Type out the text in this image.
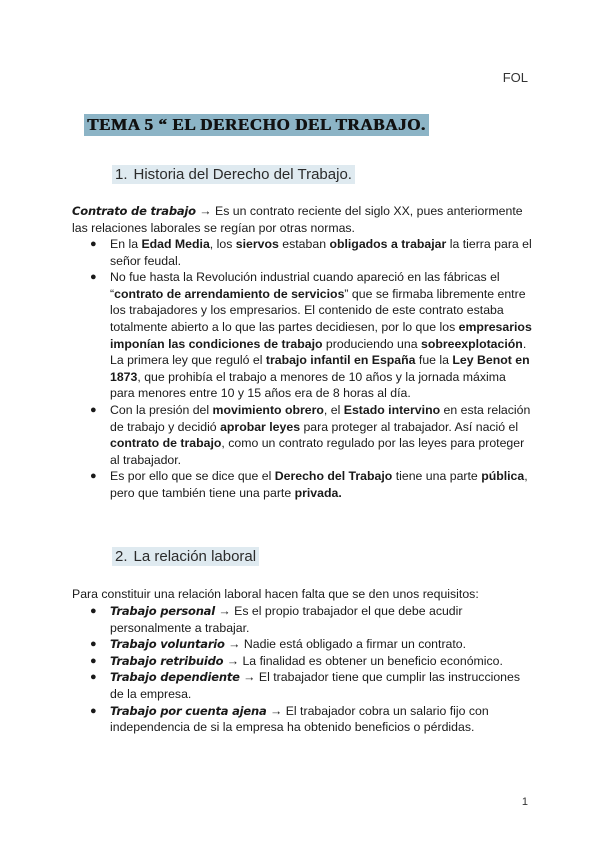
FOL
TEMA 5 “ EL DERECHO DEL TRABAJO.
1. Historia del Derecho del Trabajo.
Contrato de trabajo → Es un contrato reciente del siglo XX, pues anteriormente las relaciones laborales se regían por otras normas.
● En la Edad Media, los siervos estaban obligados a trabajar la tierra para el señor feudal.
● No fue hasta la Revolución industrial cuando apareció en las fábricas el “contrato de arrendamiento de servicios” que se firmaba libremente entre los trabajadores y los empresarios. El contenido de este contrato estaba totalmente abierto a lo que las partes decidiesen, por lo que los empresarios imponían las condiciones de trabajo produciendo una sobreexplotación. La primera ley que reguló el trabajo infantil en España fue la Ley Benot en 1873, que prohibía el trabajo a menores de 10 años y la jornada máxima para menores entre 10 y 15 años era de 8 horas al día.
● Con la presión del movimiento obrero, el Estado intervino en esta relación de trabajo y decidió aprobar leyes para proteger al trabajador. Así nació el contrato de trabajo, como un contrato regulado por las leyes para proteger al trabajador.
● Es por ello que se dice que el Derecho del Trabajo tiene una parte pública, pero que también tiene una parte privada.
2. La relación laboral
Para constituir una relación laboral hacen falta que se den unos requisitos:
● Trabajo personal → Es el propio trabajador el que debe acudir personalmente a trabajar.
● Trabajo voluntario → Nadie está obligado a firmar un contrato.
● Trabajo retribuido → La finalidad es obtener un beneficio económico.
● Trabajo dependiente → El trabajador tiene que cumplir las instrucciones de la empresa.
● Trabajo por cuenta ajena → El trabajador cobra un salario fijo con independencia de si la empresa ha obtenido beneficios o pérdidas.
1
